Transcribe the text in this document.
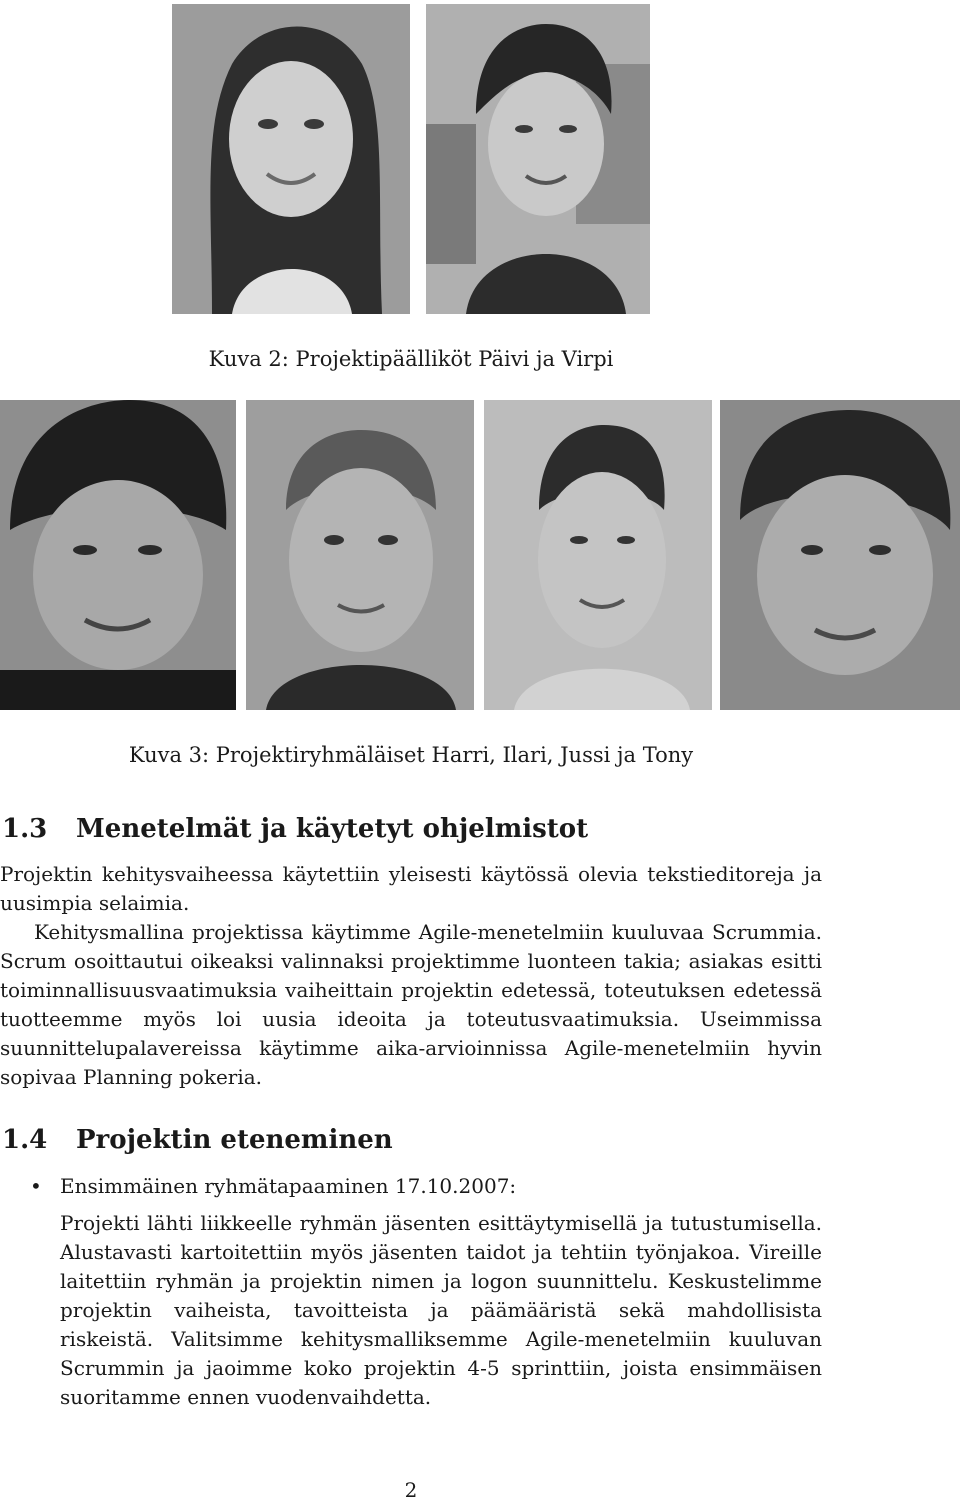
Kuva 2: Projektipäälliköt Päivi ja Virpi
Kuva 3: Projektiryhmäläiset Harri, Ilari, Jussi ja Tony
1.3 Menetelmät ja käytetyt ohjelmistot
Projektin kehitysvaiheessa käytettiin yleisesti käytössä olevia tekstieditoreja ja uusimpia selaimia.
Kehitysmallina projektissa käytimme Agile-menetelmiin kuuluvaa Scrummia. Scrum osoittautui oikeaksi valinnaksi projektimme luonteen takia; asiakas esitti toiminnallisuusvaatimuksia vaiheittain projektin edetessä, toteutuksen edetessä tuotteemme myös loi uusia ideoita ja toteutusvaatimuksia. Useimmissa suunnittelupalavereissa käytimme aika-arvioinnissa Agile-menetelmiin hyvin sopivaa Planning pokeria.
1.4 Projektin eteneminen
• Ensimmäinen ryhmätapaaminen 17.10.2007:
Projekti lähti liikkeelle ryhmän jäsenten esittäytymisellä ja tutustumisella. Alustavasti kartoitettiin myös jäsenten taidot ja tehtiin työnjakoa. Vireille laitettiin ryhmän ja projektin nimen ja logon suunnittelu. Keskustelimme projektin vaiheista, tavoitteista ja päämääristä sekä mahdollisista riskeistä. Valitsimme kehitysmalliksemme Agile-menetelmiin kuuluvan Scrummin ja jaoimme koko projektin 4-5 sprinttiin, joista ensimmäisen suoritamme ennen vuodenvaihdetta.
2
